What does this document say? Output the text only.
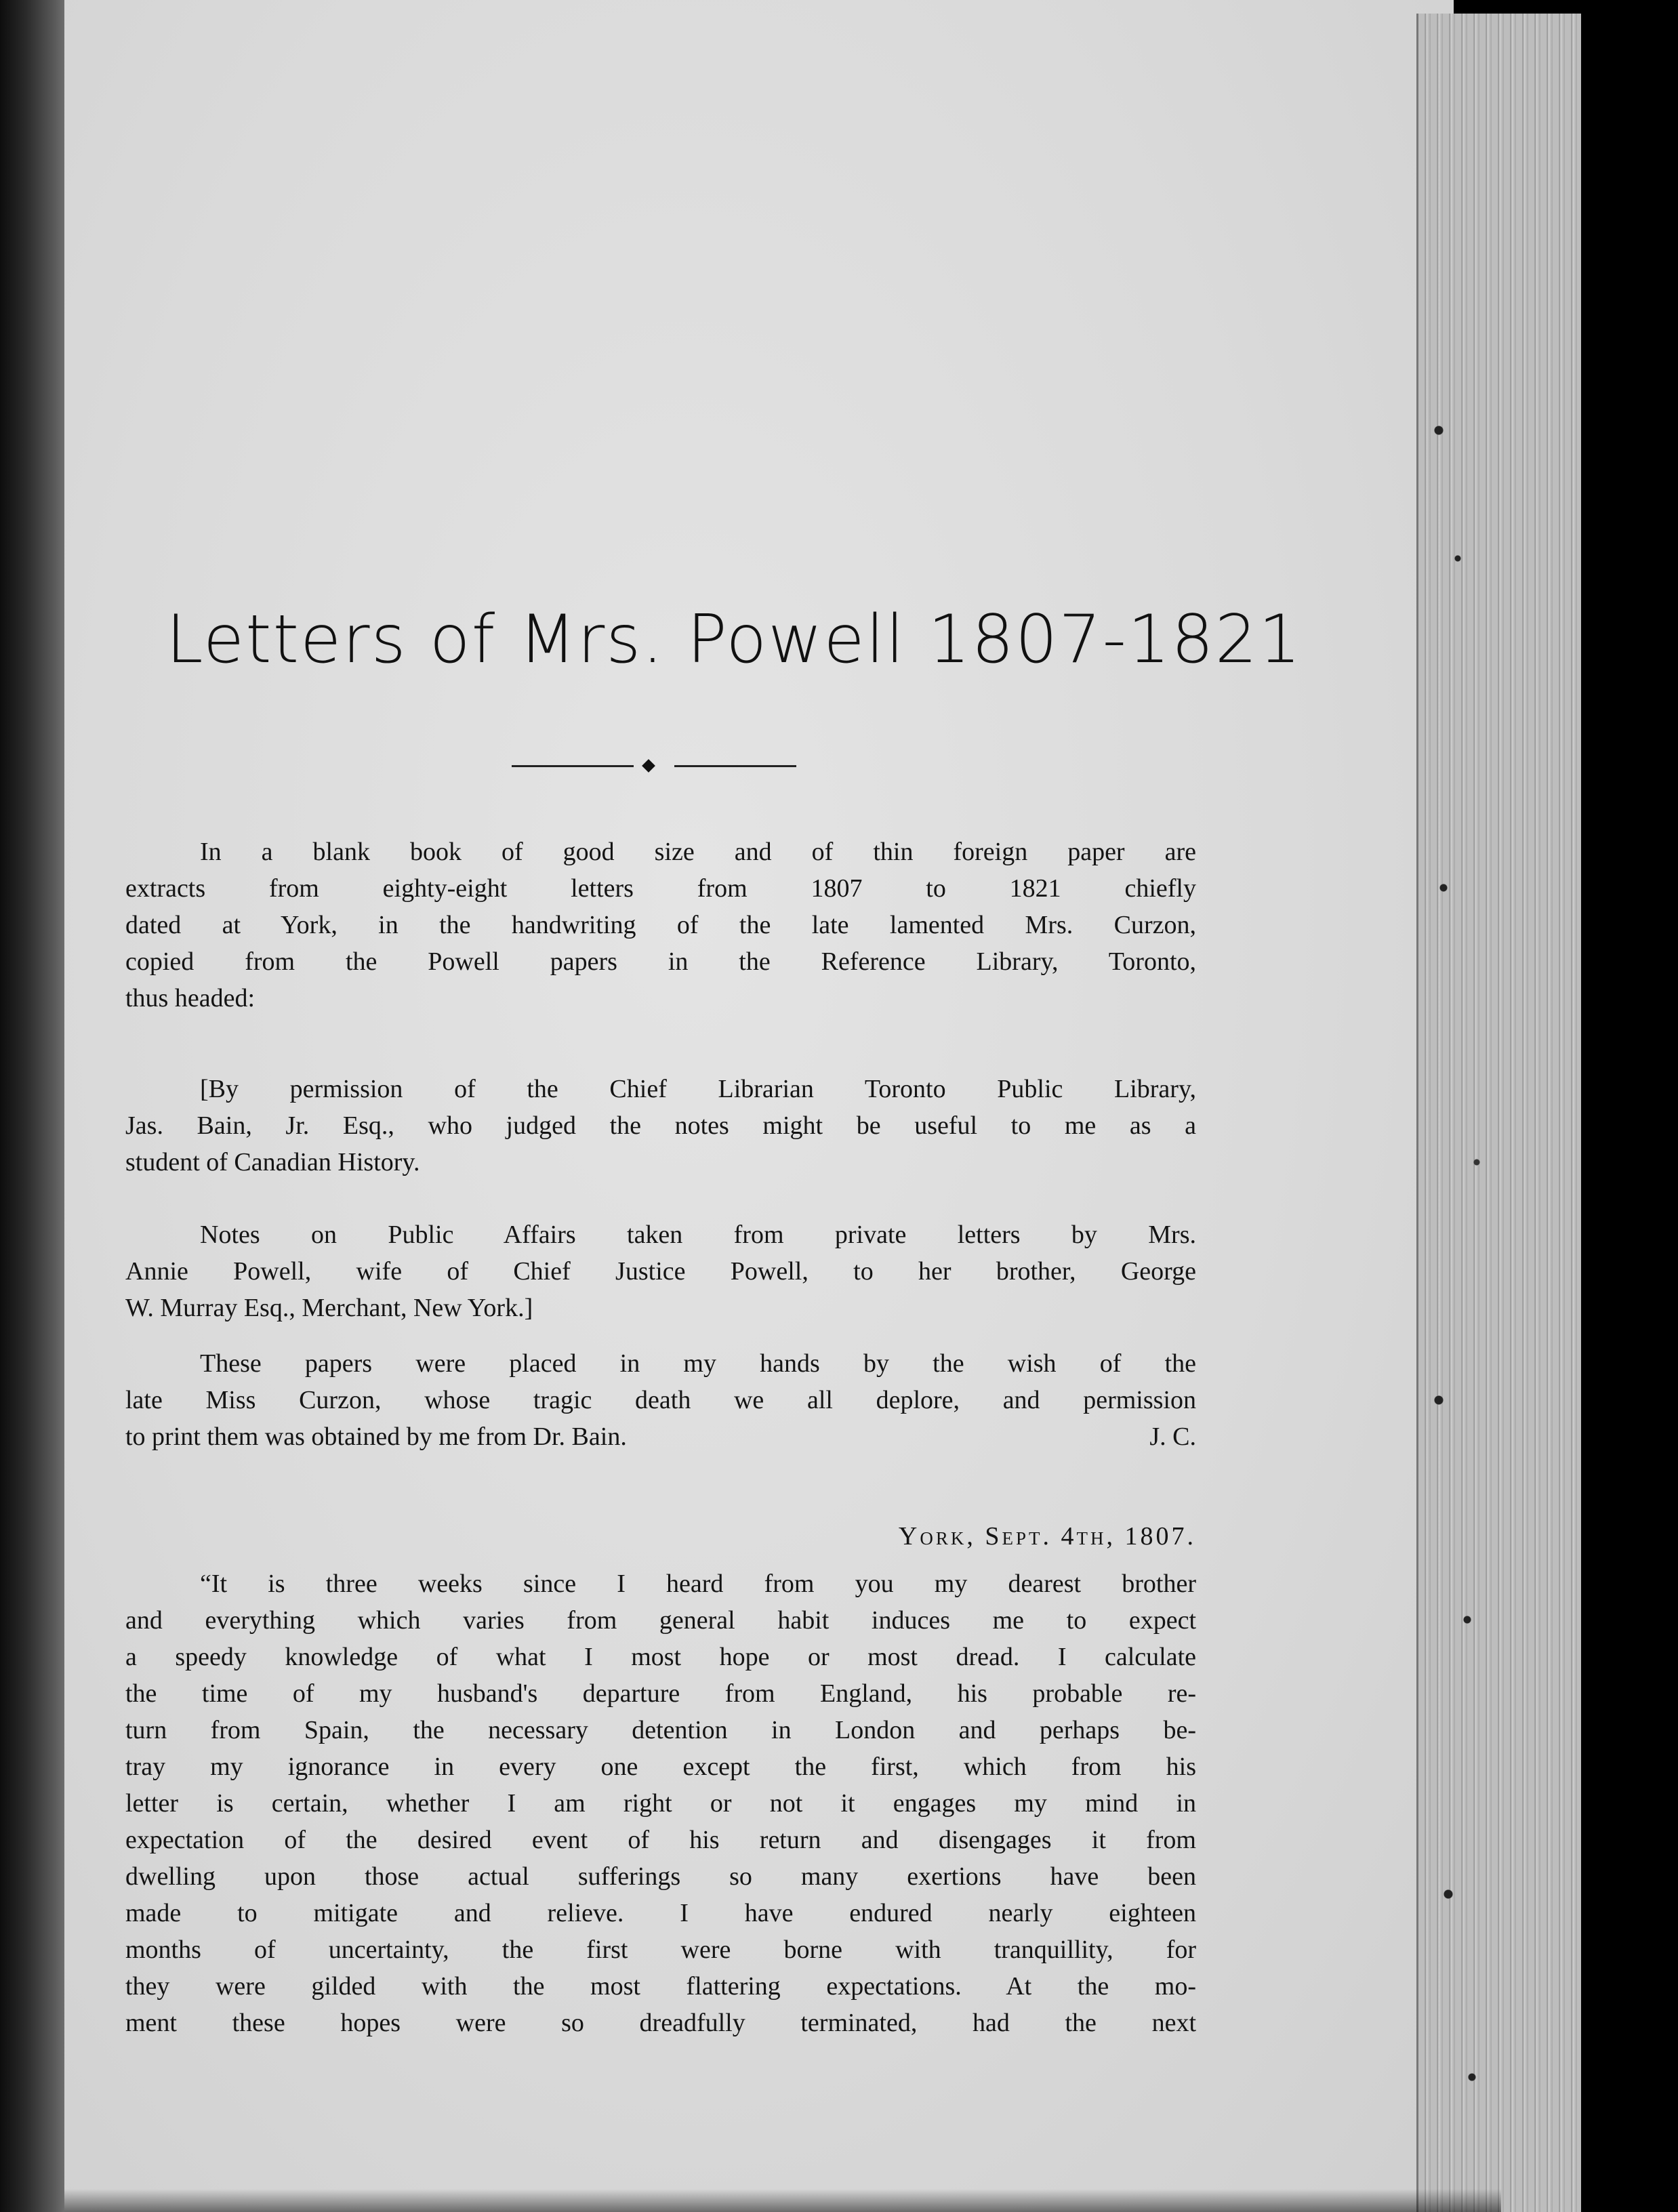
Letters of Mrs. Powell 1807-1821

In a blank book of good size and of thin foreign paper are
extracts from eighty-eight letters from 1807 to 1821 chiefly
dated at York, in the handwriting of the late lamented Mrs. Curzon,
copied from the Powell papers in the Reference Library, Toronto,
thus headed:

[By permission of the Chief Librarian Toronto Public Library,
Jas. Bain, Jr. Esq., who judged the notes might be useful to me as a
student of Canadian History.

Notes on Public Affairs taken from private letters by Mrs.
Annie Powell, wife of Chief Justice Powell, to her brother, George
W. Murray Esq., Merchant, New York.]

These papers were placed in my hands by the wish of the
late Miss Curzon, whose tragic death we all deplore, and permission
to print them was obtained by me from Dr. Bain.	J. C.

York, Sept. 4th, 1807.

“It is three weeks since I heard from you my dearest brother
and everything which varies from general habit induces me to expect
a speedy knowledge of what I most hope or most dread. I calculate
the time of my husband's departure from England, his probable re-
turn from Spain, the necessary detention in London and perhaps be-
tray my ignorance in every one except the first, which from his
letter is certain, whether I am right or not it engages my mind in
expectation of the desired event of his return and disengages it from
dwelling upon those actual sufferings so many exertions have been
made to mitigate and relieve. I have endured nearly eighteen
months of uncertainty, the first were borne with tranquillity, for
they were gilded with the most flattering expectations. At the mo-
ment these hopes were so dreadfully terminated, had the next
